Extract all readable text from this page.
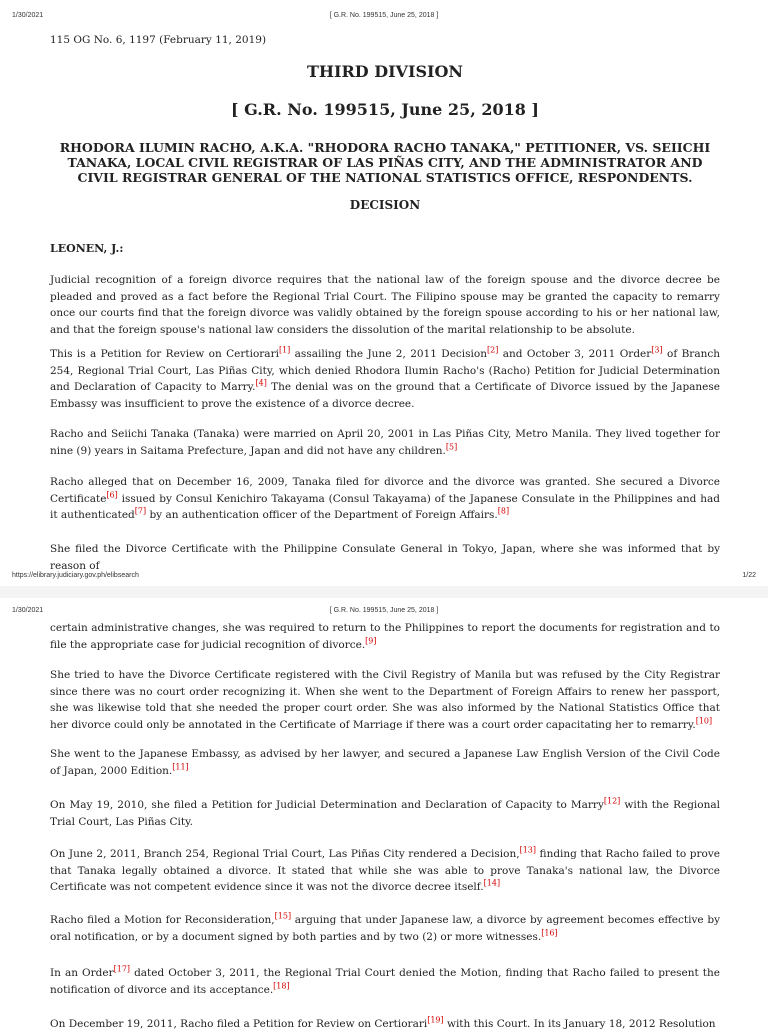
1/30/2021	[ G.R. No. 199515, June 25, 2018 ]

115 OG No. 6, 1197 (February 11, 2019)

THIRD DIVISION

[ G.R. No. 199515, June 25, 2018 ]

RHODORA ILUMIN RACHO, A.K.A. "RHODORA RACHO TANAKA," PETITIONER, VS. SEIICHI TANAKA, LOCAL CIVIL REGISTRAR OF LAS PIÑAS CITY, AND THE ADMINISTRATOR AND CIVIL REGISTRAR GENERAL OF THE NATIONAL STATISTICS OFFICE, RESPONDENTS.

DECISION

LEONEN, J.:

Judicial recognition of a foreign divorce requires that the national law of the foreign spouse and the divorce decree be pleaded and proved as a fact before the Regional Trial Court. The Filipino spouse may be granted the capacity to remarry once our courts find that the foreign divorce was validly obtained by the foreign spouse according to his or her national law, and that the foreign spouse's national law considers the dissolution of the marital relationship to be absolute.

This is a Petition for Review on Certiorari[1] assailing the June 2, 2011 Decision[2] and October 3, 2011 Order[3] of Branch 254, Regional Trial Court, Las Piñas City, which denied Rhodora Ilumin Racho's (Racho) Petition for Judicial Determination and Declaration of Capacity to Marry.[4] The denial was on the ground that a Certificate of Divorce issued by the Japanese Embassy was insufficient to prove the existence of a divorce decree.

Racho and Seiichi Tanaka (Tanaka) were married on April 20, 2001 in Las Piñas City, Metro Manila. They lived together for nine (9) years in Saitama Prefecture, Japan and did not have any children.[5]

Racho alleged that on December 16, 2009, Tanaka filed for divorce and the divorce was granted. She secured a Divorce Certificate[6] issued by Consul Kenichiro Takayama (Consul Takayama) of the Japanese Consulate in the Philippines and had it authenticated[7] by an authentication officer of the Department of Foreign Affairs.[8]

She filed the Divorce Certificate with the Philippine Consulate General in Tokyo, Japan, where she was informed that by reason of

https://elibrary.judiciary.gov.ph/elibsearch	1/22
1/30/2021	[ G.R. No. 199515, June 25, 2018 ]

certain administrative changes, she was required to return to the Philippines to report the documents for registration and to file the appropriate case for judicial recognition of divorce.[9]

She tried to have the Divorce Certificate registered with the Civil Registry of Manila but was refused by the City Registrar since there was no court order recognizing it. When she went to the Department of Foreign Affairs to renew her passport, she was likewise told that she needed the proper court order. She was also informed by the National Statistics Office that her divorce could only be annotated in the Certificate of Marriage if there was a court order capacitating her to remarry.[10]

She went to the Japanese Embassy, as advised by her lawyer, and secured a Japanese Law English Version of the Civil Code of Japan, 2000 Edition.[11]

On May 19, 2010, she filed a Petition for Judicial Determination and Declaration of Capacity to Marry[12] with the Regional Trial Court, Las Piñas City.

On June 2, 2011, Branch 254, Regional Trial Court, Las Piñas City rendered a Decision,[13] finding that Racho failed to prove that Tanaka legally obtained a divorce. It stated that while she was able to prove Tanaka's national law, the Divorce Certificate was not competent evidence since it was not the divorce decree itself.[14]

Racho filed a Motion for Reconsideration,[15] arguing that under Japanese law, a divorce by agreement becomes effective by oral notification, or by a document signed by both parties and by two (2) or more witnesses.[16]

In an Order[17] dated October 3, 2011, the Regional Trial Court denied the Motion, finding that Racho failed to present the notification of divorce and its acceptance.[18]

On December 19, 2011, Racho filed a Petition for Review on Certiorari[19] with this Court. In its January 18, 2012 Resolution
